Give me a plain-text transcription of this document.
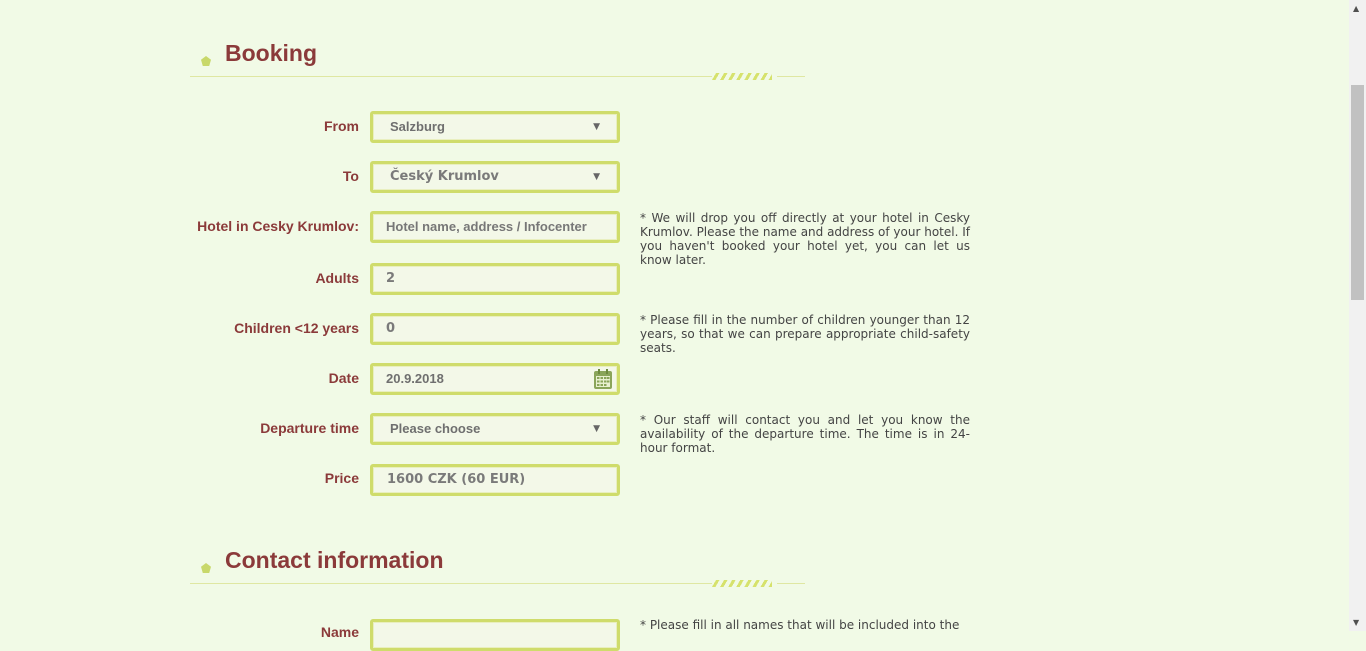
Booking
From Salzburg	▼
To Český Krumlov	▼
Hotel in Cesky Krumlov: Hotel name, address / Infocenter
* We will drop you off directly at your hotel in Cesky Krumlov. Please the name and address of your hotel. If you haven't booked your hotel yet, you can let us know later.
Adults 2
Children <12 years 0
* Please fill in the number of children younger than 12 years, so that we can prepare appropriate child-safety seats.
Date 20.9.2018
Departure time Please choose	▼
* Our staff will contact you and let you know the availability of the departure time. The time is in 24-hour format.
Price 1600 CZK (60 EUR)
Contact information
Name	* Please fill in all names that will be included into the
▲
▼
